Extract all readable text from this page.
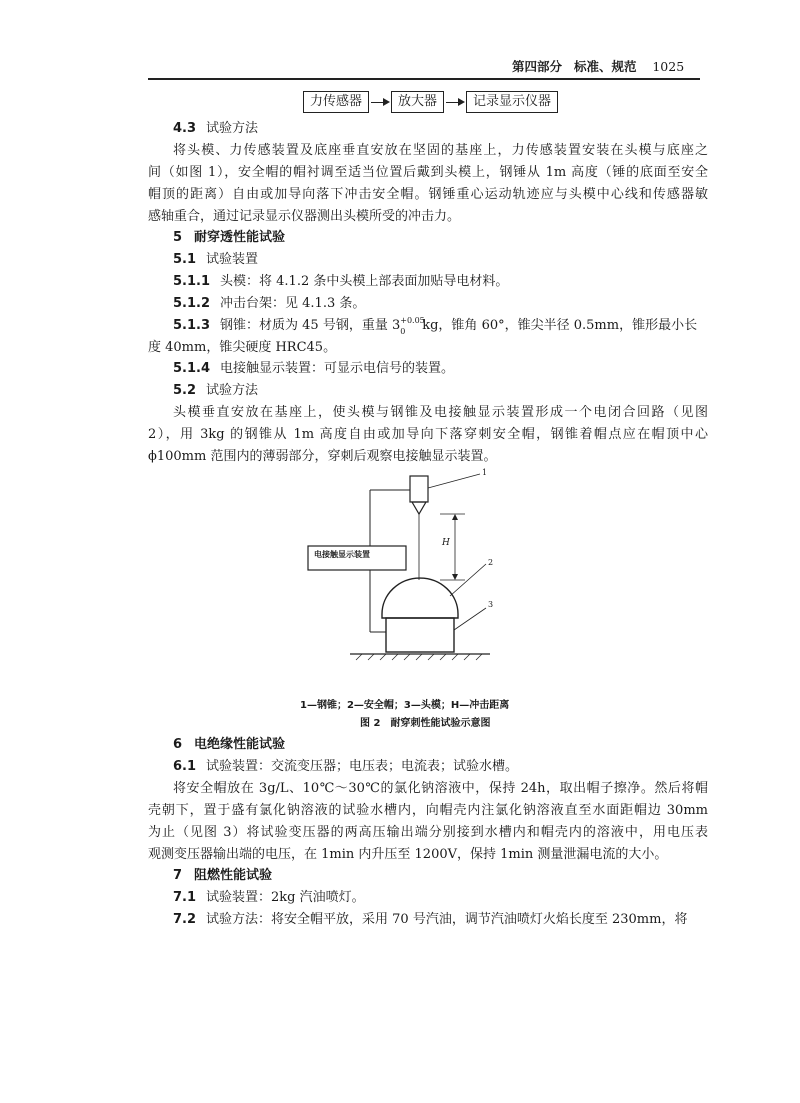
第四部分 标准、规范 1025
力传感器	放大器	记录显示仪器
4.3 试验方法
将头模、力传感装置及底座垂直安放在坚固的基座上，力传感装置安装在头模与底座之
间（如图 1），安全帽的帽衬调至适当位置后戴到头模上，钢锤从 1m 高度（锤的底面至安全
帽顶的距离）自由或加导向落下冲击安全帽。钢锤重心运动轨迹应与头模中心线和传感器敏
感轴重合，通过记录显示仪器测出头模所受的冲击力。
5 耐穿透性能试验
5.1 试验装置
5.1.1 头模：将 4.1.2 条中头模上部表面加贴导电材料。
5.1.2 冲击台架：见 4.1.3 条。
5.1.3 钢锥：材质为 45 号钢，重量 3 +0.05
0 kg，锥角 60°，锥尖半径 0.5mm，锥形最小长
度 40mm，锥尖硬度 HRC45。
5.1.4 电接触显示装置：可显示电信号的装置。
5.2 试验方法
头模垂直安放在基座上，使头模与钢锥及电接触显示装置形成一个电闭合回路（见图
2），用 3kg 的钢锥从 1m 高度自由或加导向下落穿刺安全帽，钢锥着帽点应在帽顶中心
ϕ100mm 范围内的薄弱部分，穿刺后观察电接触显示装置。
电接触显示装置
H
1
2
3
1—钢锥；2—安全帽；3—头模；H—冲击距离
图 2　耐穿刺性能试验示意图
6 电绝缘性能试验
6.1 试验装置：交流变压器；电压表；电流表；试验水槽。
将安全帽放在 3g/L、10℃～30℃的氯化钠溶液中，保持 24h，取出帽子擦净。然后将帽
壳朝下，置于盛有氯化钠溶液的试验水槽内，向帽壳内注氯化钠溶液直至水面距帽边 30mm
为止（见图 3）将试验变压器的两高压输出端分别接到水槽内和帽壳内的溶液中，用电压表
观测变压器输出端的电压，在 1min 内升压至 1200V，保持 1min 测量泄漏电流的大小。
7 阻燃性能试验
7.1 试验装置：2kg 汽油喷灯。
7.2 试验方法：将安全帽平放，采用 70 号汽油，调节汽油喷灯火焰长度至 230mm，将
